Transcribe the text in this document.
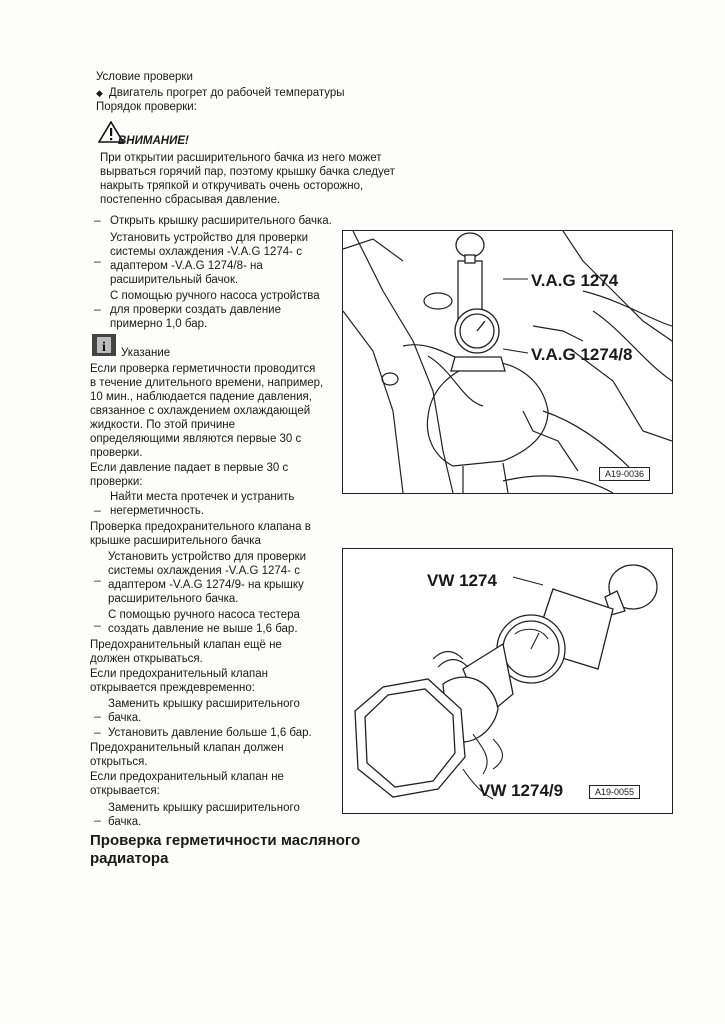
Условие проверки
◆ Двигатель прогрет до рабочей температуры
Порядок проверки:
ВНИМАНИЕ!
При открытии расширительного бачка из него может
вырваться горячий пар, поэтому крышку бачка следует
накрыть тряпкой и откручивать очень осторожно,
постепенно сбрасывая давление.
– Открыть крышку расширительного бачка.
–
Установить устройство для проверки
системы охлаждения -V.A.G 1274- с
адаптером -V.A.G 1274/8- на
расширительный бачок.
–
С помощью ручного насоса устройства
для проверки создать давление
примерно 1,0 бар.
i Указание
Если проверка герметичности проводится
в течение длительного времени, например,
10 мин., наблюдается падение давления,
связанное с охлаждением охлаждающей
жидкости. По этой причине
определяющими являются первые 30 с
проверки.
Если давление падает в первые 30 с
проверки:
_
Найти места протечек и устранить
негерметичность.
Проверка предохранительного клапана в
крышке расширительного бачка
_
Установить устройство для проверки
системы охлаждения -V.A.G 1274- с
адаптером -V.A.G 1274/9- на крышку
расширительного бачка.
_ С помощью ручного насоса тестера
создать давление не выше 1,6 бар.
Предохранительный клапан ещё не
должен открываться.
Если предохранительный клапан
открывается преждевременно:
_ Заменить крышку расширительного
бачка.
– Установить давление больше 1,6 бар.
Предохранительный клапан должен
открыться.
Если предохранительный клапан не
открывается:
_ Заменить крышку расширительного
бачка.
Проверка герметичности масляного
радиатора
V.A.G 1274
V.A.G 1274/8
A19-0036
VW 1274
VW 1274/9	A19-0055
